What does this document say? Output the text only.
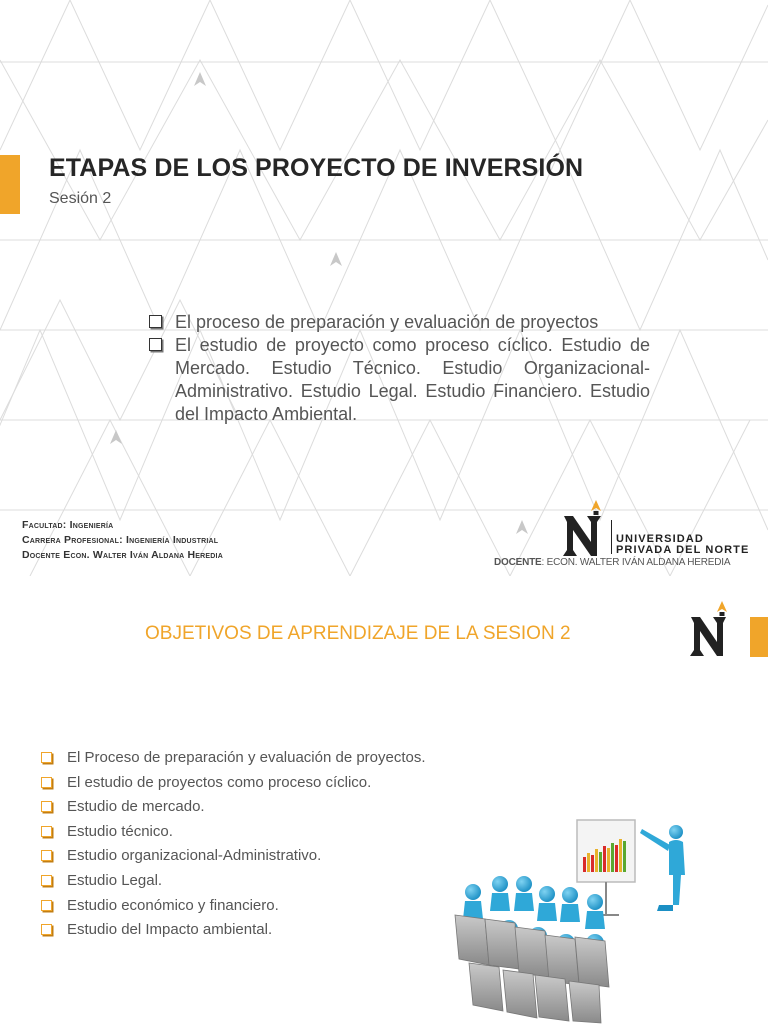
ETAPAS DE LOS PROYECTO DE INVERSIÓN
Sesión 2
El proceso de preparación y evaluación de proyectos
El estudio de proyecto como proceso cíclico. Estudio de Mercado. Estudio Técnico. Estudio Organizacional-Administrativo. Estudio Legal. Estudio Financiero. Estudio del Impacto Ambiental.
Facultad: Ingeniería
Carrera Profesional: Ingeniería Industrial
Docente Econ. Walter Iván Aldana Heredia
UNIVERSIDAD
PRIVADA DEL NORTE
DOCENTE: ECON. WALTER IVÁN ALDANA HEREDIA
OBJETIVOS DE APRENDIZAJE DE LA SESION 2
El Proceso de preparación y evaluación de proyectos.
El estudio de proyectos como proceso cíclico.
Estudio de mercado.
Estudio técnico.
Estudio organizacional-Administrativo.
Estudio Legal.
Estudio económico y financiero.
Estudio del Impacto ambiental.
